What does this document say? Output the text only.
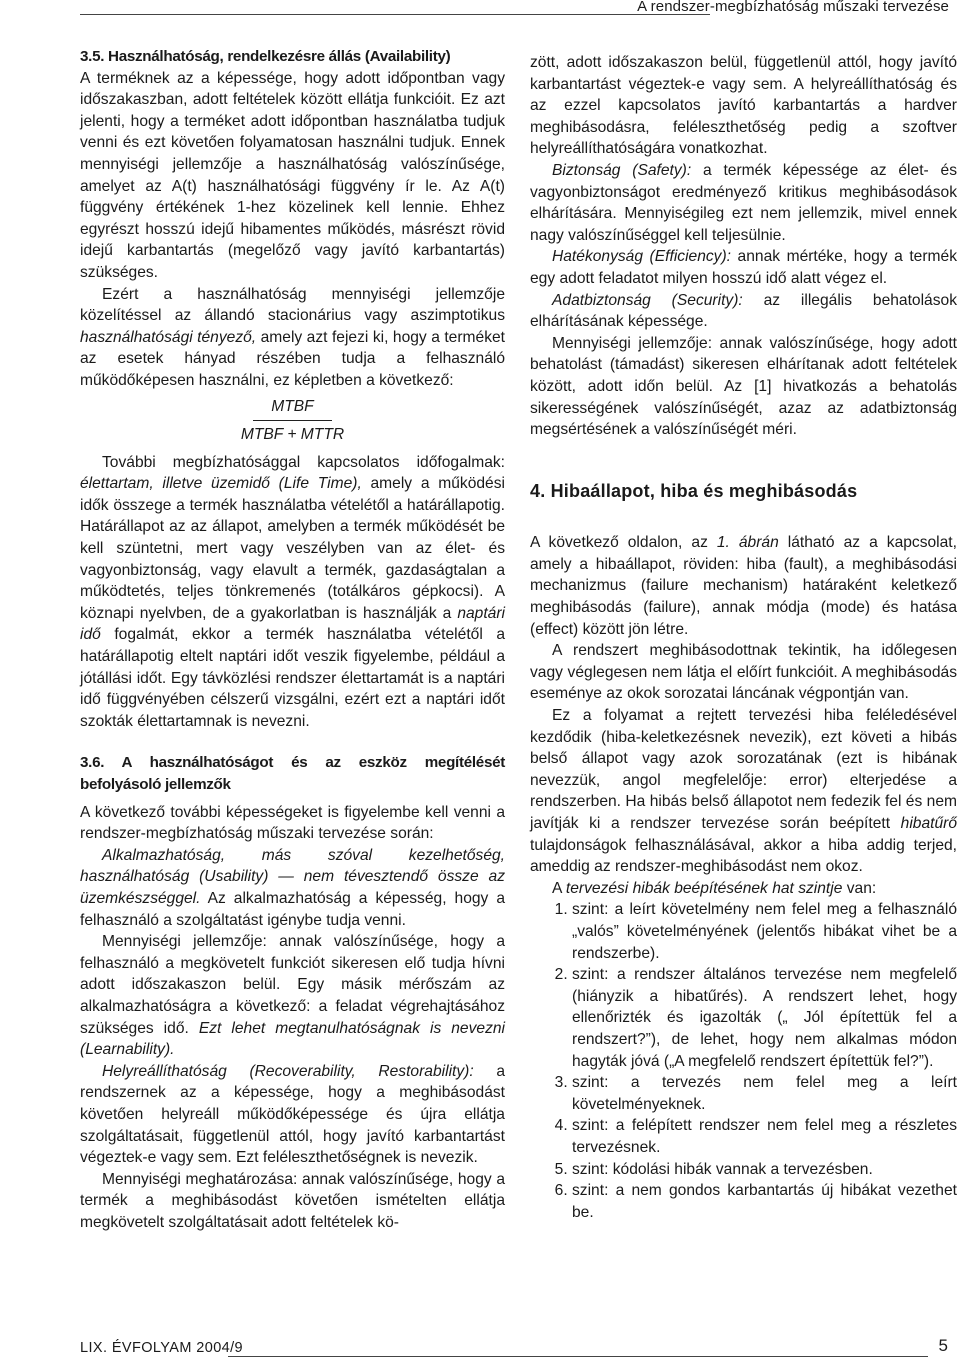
A rendszer-megbízhatóság műszaki tervezése

3.5. Használhatóság, rendelkezésre állás (Availability)

A terméknek az a képessége, hogy adott időpontban vagy időszakaszban, adott feltételek között ellátja funkcióit. Ez azt jelenti, hogy a terméket adott időpontban használatba tudjuk venni és ezt követően folyamatosan használni tudjuk. Ennek mennyiségi jellemzője a használhatóság valószínűsége, amelyet az A(t) használhatósági függvény ír le. Az A(t) függvény értékének 1-hez közelinek kell lennie. Ehhez egyrészt hosszú idejű hibamentes működés, másrészt rövid idejű karbantartás (megelőző vagy javító karbantartás) szükséges.

Ezért a használhatóság mennyiségi jellemzője közelítéssel az állandó stacionárius vagy aszimptotikus használhatósági tényező, amely azt fejezi ki, hogy a terméket az esetek hányad részében tudja a felhasználó működőképesen használni, ez képletben a következő:

MTBF
MTBF + MTTR

További megbízhatósággal kapcsolatos időfogalmak: élettartam, illetve üzemidő (Life Time), amely a működési idők összege a termék használatba vételétől a határállapotig. Határállapot az az állapot, amelyben a termék működését be kell szüntetni, mert vagy veszélyben van az élet- és vagyonbiztonság, vagy elavult a termék, gazdaságtalan a működtetés, teljes tönkremenés (totálkáros gépkocsi). A köznapi nyelvben, de a gyakorlatban is használják a naptári idő fogalmát, ekkor a termék használatba vételétől a határállapotig eltelt naptári időt veszik figyelembe, például a jótállási időt. Egy távközlési rendszer élettartamát is a naptári idő függvényében célszerű vizsgálni, ezért ezt a naptári időt szokták élettartamnak is nevezni.

3.6. A használhatóságot és az eszköz megítélését befolyásoló jellemzők

A következő további képességeket is figyelembe kell venni a rendszer-megbízhatóság műszaki tervezése során:

Alkalmazhatóság, más szóval kezelhetőség, használhatóság (Usability) — nem tévesztendő össze az üzemkészséggel. Az alkalmazhatóság a képesség, hogy a felhasználó a szolgáltatást igénybe tudja venni.

Mennyiségi jellemzője: annak valószínűsége, hogy a felhasználó a megkövetelt funkciót sikeresen elő tudja hívni adott időszakaszon belül. Egy másik mérőszám az alkalmazhatóságra a következő: a feladat végrehajtásához szükséges idő. Ezt lehet megtanulhatóságnak is nevezni (Learnability).

Helyreállíthatóság (Recoverability, Restorability): a rendszernek az a képessége, hogy a meghibásodást követően helyreáll működőképessége és újra ellátja szolgáltatásait, függetlenül attól, hogy javító karbantartást végeztek-e vagy sem. Ezt feléleszthetőségnek is nevezik.

Mennyiségi meghatározása: annak valószínűsége, hogy a termék a meghibásodást követően ismételten ellátja megkövetelt szolgáltatásait adott feltételek kö-

zött, adott időszakaszon belül, függetlenül attól, hogy javító karbantartást végeztek-e vagy sem. A helyreállíthatóság és az ezzel kapcsolatos javító karbantartás a hardver meghibásodásra, feléleszthetőség pedig a szoftver helyreállíthatóságára vonatkozhat.

Biztonság (Safety): a termék képessége az élet- és vagyonbiztonságot eredményező kritikus meghibásodások elhárítására. Mennyiségileg ezt nem jellemzik, mivel ennek nagy valószínűséggel kell teljesülnie.

Hatékonyság (Efficiency): annak mértéke, hogy a termék egy adott feladatot milyen hosszú idő alatt végez el.

Adatbiztonság (Security): az illegális behatolások elhárításának képessége.

Mennyiségi jellemzője: annak valószínűsége, hogy adott behatolást (támadást) sikeresen elhárítanak adott feltételek között, adott időn belül. Az [1] hivatkozás a behatolás sikerességének valószínűségét, azaz az adatbiztonság megsértésének a valószínűségét méri.

4. Hibaállapot, hiba és meghibásodás

A következő oldalon, az 1. ábrán látható az a kapcsolat, amely a hibaállapot, röviden: hiba (fault), a meghibásodási mechanizmus (failure mechanism) határaként keletkező meghibásodás (failure), annak módja (mode) és hatása (effect) között jön létre.

A rendszert meghibásodottnak tekintik, ha időlegesen vagy véglegesen nem látja el előírt funkcióit. A meghibásodás eseménye az okok sorozatai láncának végpontján van.

Ez a folyamat a rejtett tervezési hiba feléledésével kezdődik (hiba-keletkezésnek nevezik), ezt követi a hibás belső állapot vagy azok sorozatának (ezt is hibának nevezzük, angol megfelelője: error) elterjedése a rendszerben. Ha hibás belső állapotot nem fedezik fel és nem javítják ki a rendszer tervezése során beépített hibatűrő tulajdonságok felhasználásával, akkor a hiba addig terjed, ameddig az rendszer-meghibásodást nem okoz.

A tervezési hibák beépítésének hat szintje van:

1. szint: a leírt követelmény nem felel meg a felhasználó „valós” követelményének (jelentős hibákat vihet be a rendszerbe).
2. szint: a rendszer általános tervezése nem megfelelő (hiányzik a hibatűrés). A rendszert lehet, hogy ellenőrizték és igazolták („ Jól építettük fel a rendszert?”), de lehet, hogy nem alkalmas módon hagyták jóvá („A megfelelő rendszert építettük fel?”).
3. szint: a tervezés nem felel meg a leírt követelményeknek.
4. szint: a felépített rendszer nem felel meg a részletes tervezésnek.
5. szint: kódolási hibák vannak a tervezésben.
6. szint: a nem gondos karbantartás új hibákat vezethet be.
LIX. ÉVFOLYAM 2004/9	5
